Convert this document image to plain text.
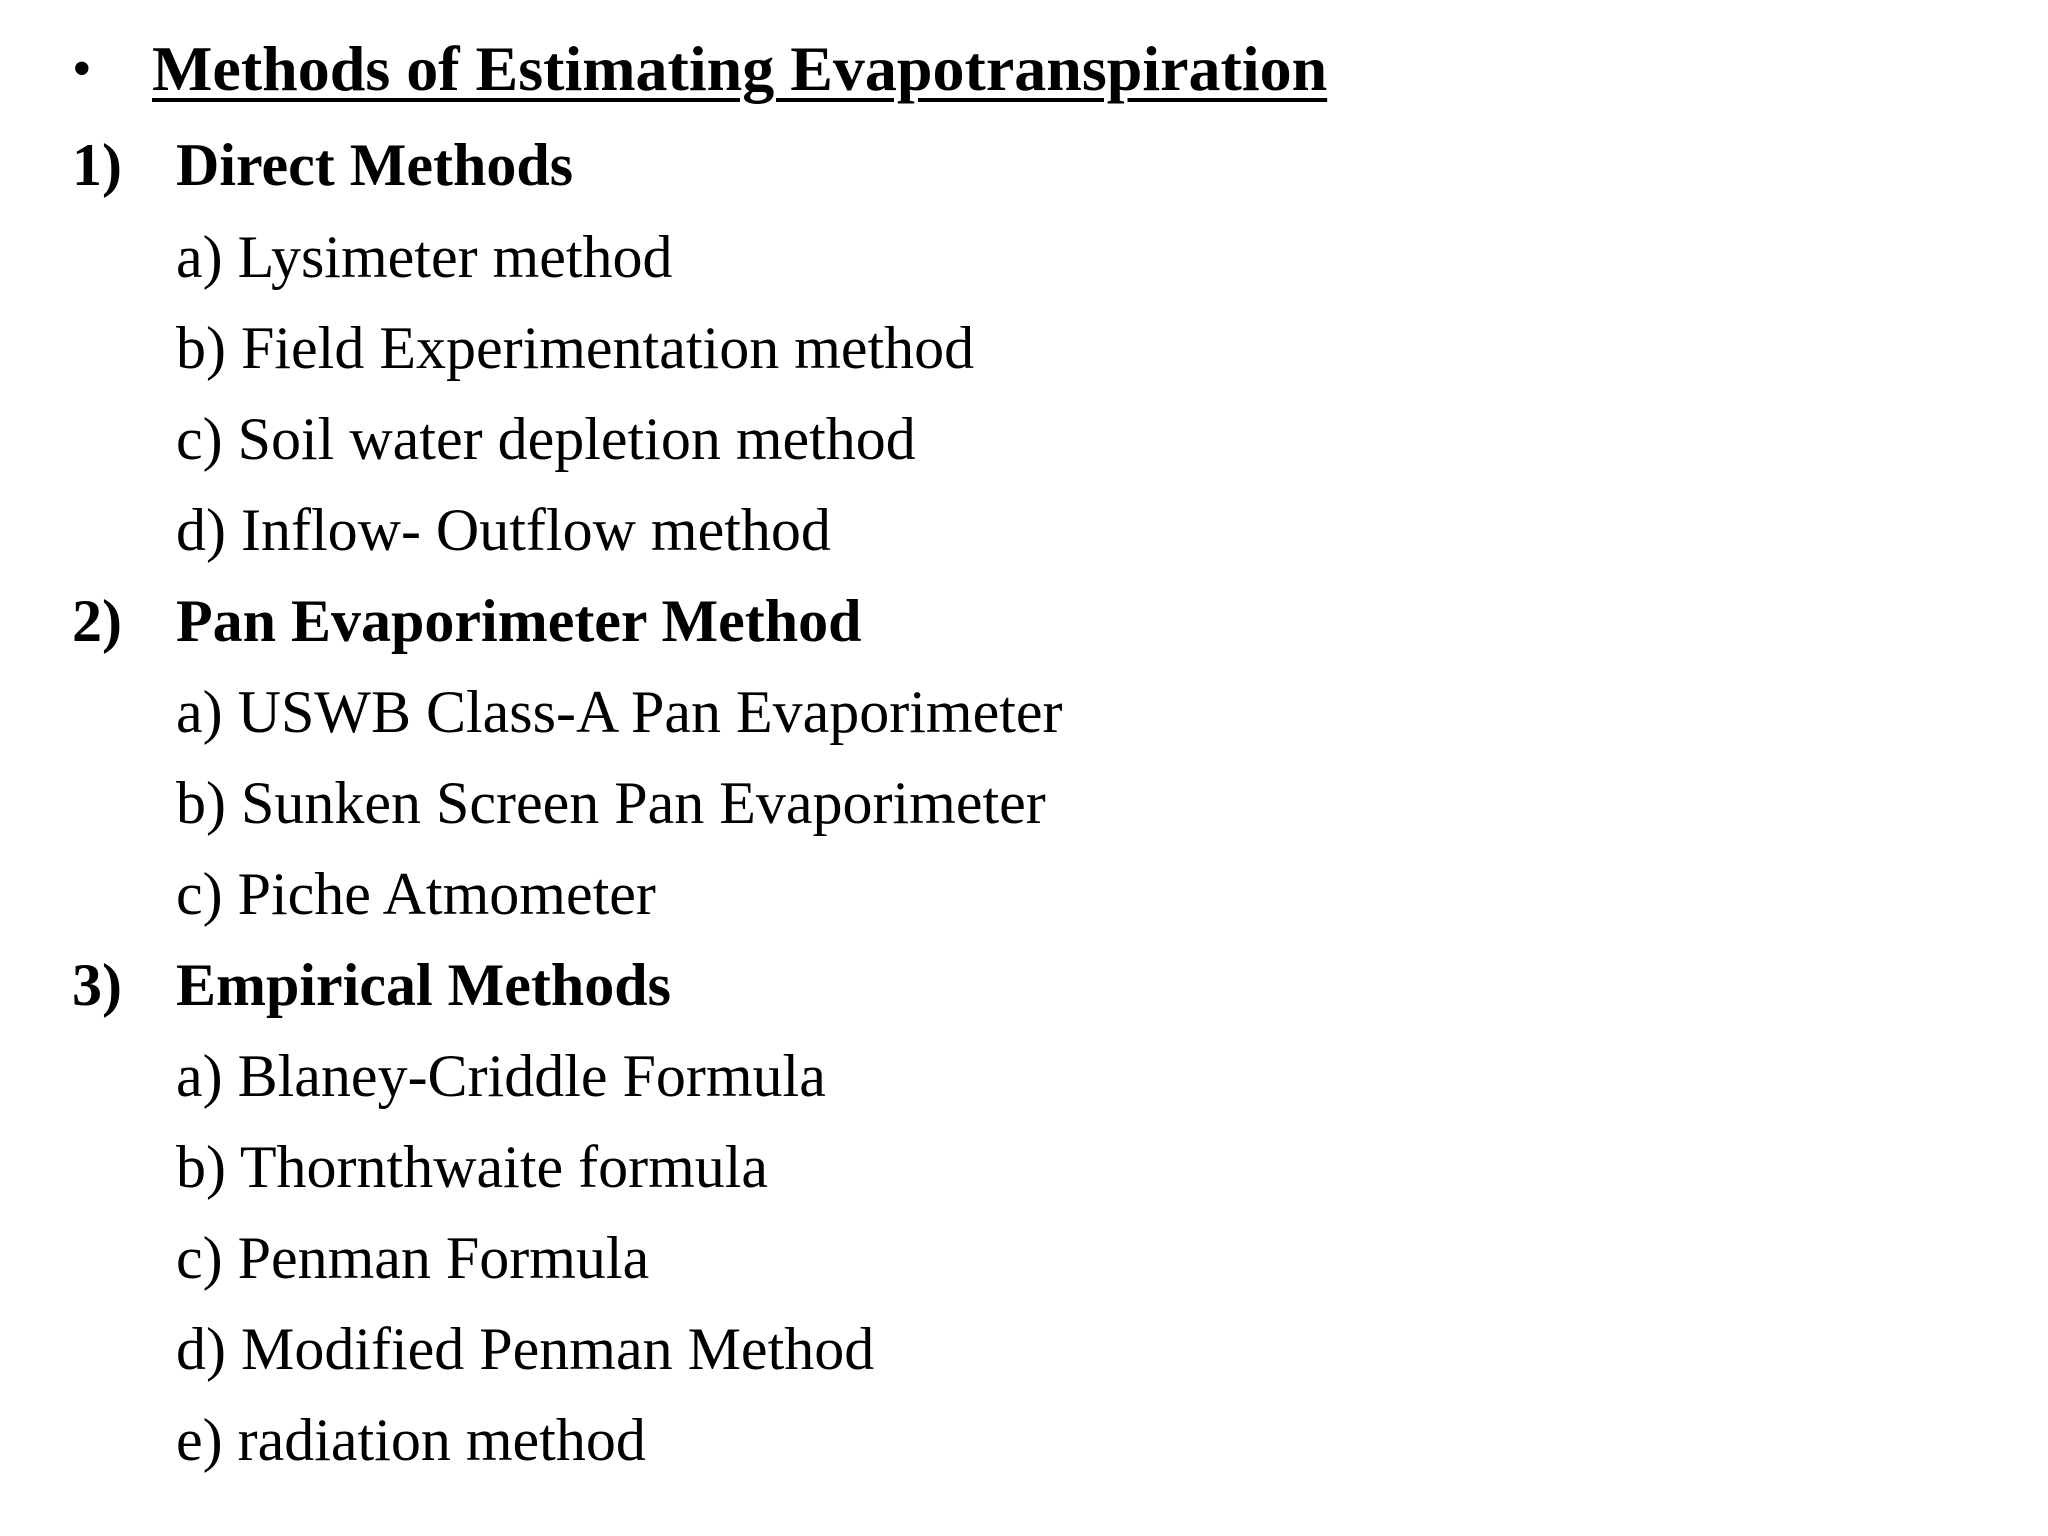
• Methods of Estimating Evapotranspiration
1) Direct Methods
a) Lysimeter method
b) Field Experimentation method
c) Soil water depletion method
d) Inflow- Outflow method
2) Pan Evaporimeter Method
a) USWB Class-A Pan Evaporimeter
b) Sunken Screen Pan Evaporimeter
c) Piche Atmometer
3) Empirical Methods
a) Blaney-Criddle Formula
b) Thornthwaite formula
c) Penman Formula
d) Modified Penman Method
e) radiation method
